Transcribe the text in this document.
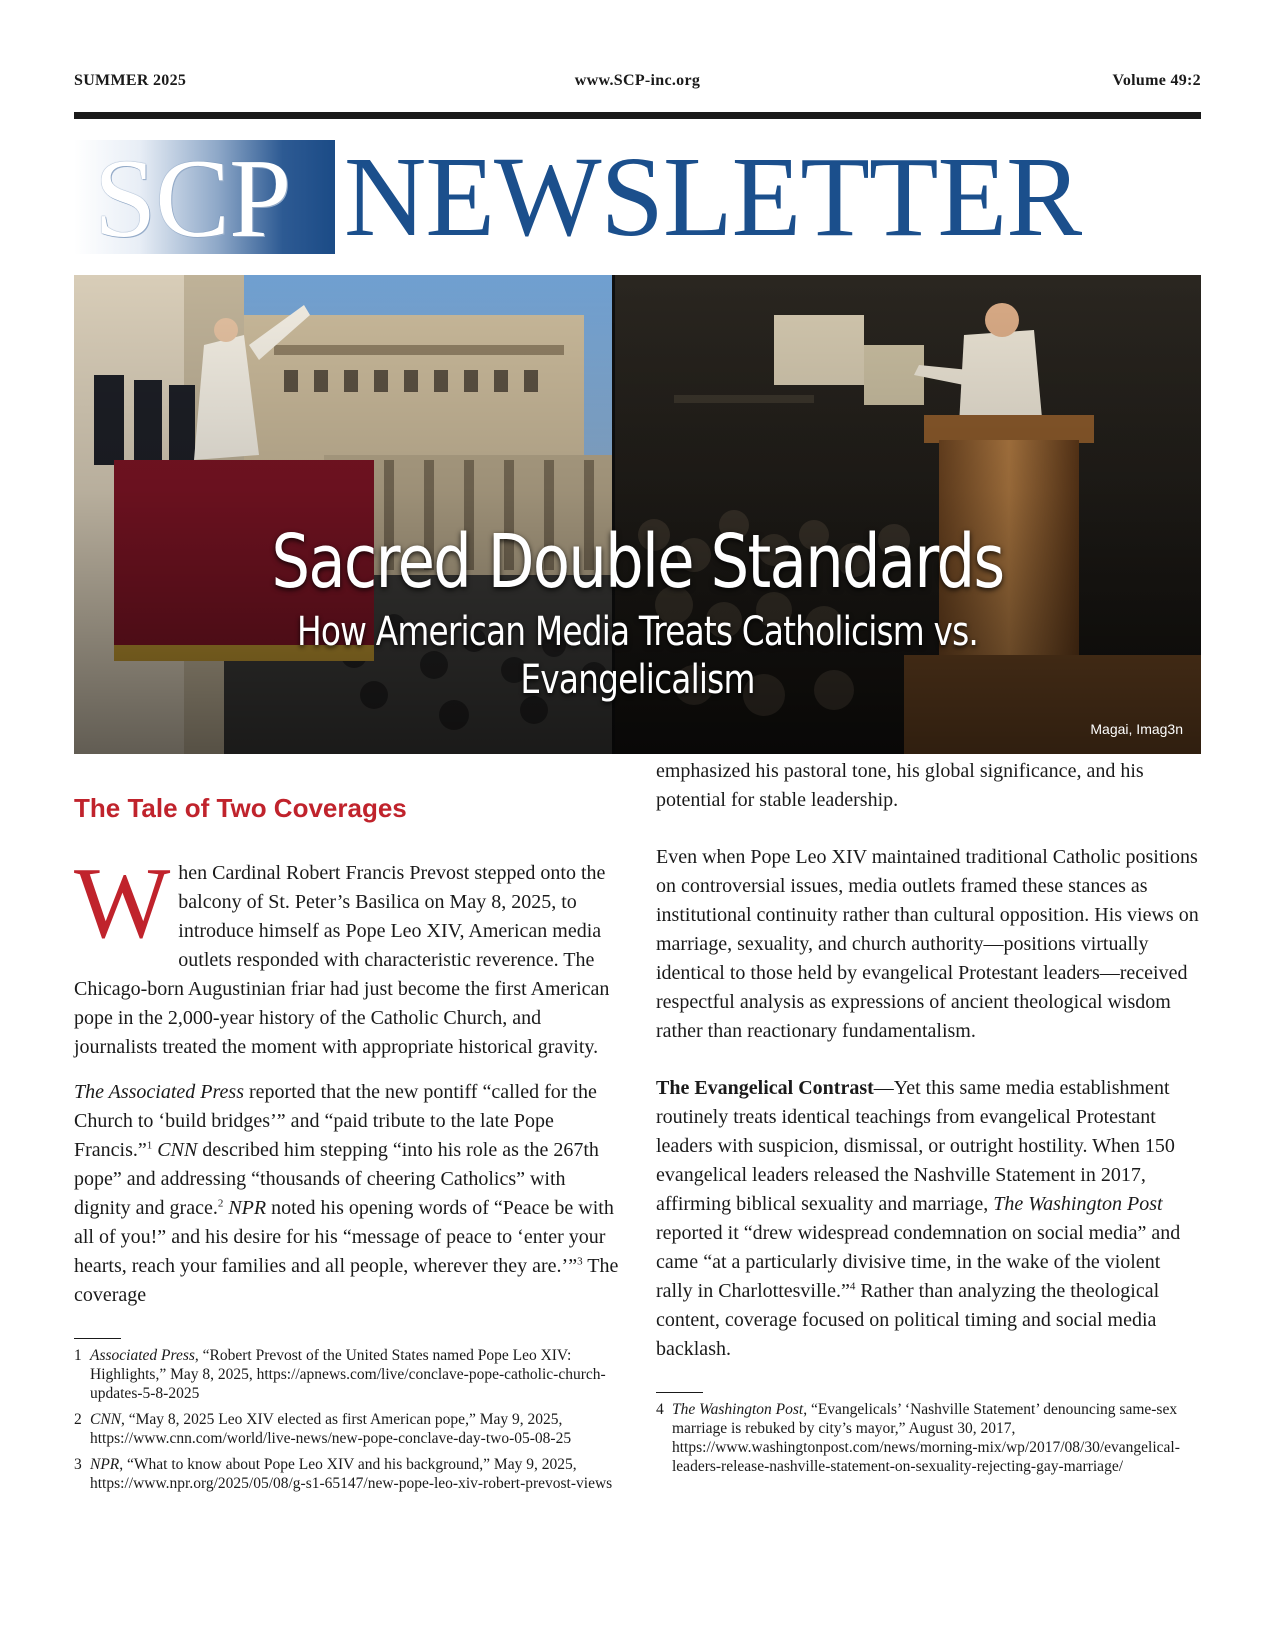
SUMMER 2025	www.SCP-inc.org	Volume 49:2
SCP NEWSLETTER
Sacred Double Standards
How American Media Treats Catholicism vs. Evangelicalism
Magai, Imag3n
The Tale of Two Coverages

When Cardinal Robert Francis Prevost stepped onto the balcony of St. Peter’s Basilica on May 8, 2025, to introduce himself as Pope Leo XIV, American media outlets responded with characteristic reverence. The Chicago-born Augustinian friar had just become the first American pope in the 2,000-year history of the Catholic Church, and journalists treated the moment with appropriate historical gravity.

The Associated Press reported that the new pontiff “called for the Church to ‘build bridges’” and “paid tribute to the late Pope Francis.”$^1$ CNN described him stepping “into his role as the 267th pope” and addressing “thousands of cheering Catholics” with dignity and grace.$^2$ NPR noted his opening words of “Peace be with all of you!” and his desire for his “message of peace to ‘enter your hearts, reach your families and all people, wherever they are.’”$^3$ The coverage

1 Associated Press, “Robert Prevost of the United States named Pope Leo XIV: Highlights,” May 8, 2025, https://apnews.com/live/conclave-pope-catholic-church-updates-5-8-2025

2 CNN, “May 8, 2025 Leo XIV elected as first American pope,” May 9, 2025, https://www.cnn.com/world/live-news/new-pope-conclave-day-two-05-08-25

3 NPR, “What to know about Pope Leo XIV and his background,” May 9, 2025, https://www.npr.org/2025/05/08/g-s1-65147/new-pope-leo-xiv-robert-prevost-views

emphasized his pastoral tone, his global significance, and his potential for stable leadership.

Even when Pope Leo XIV maintained traditional Catholic positions on controversial issues, media outlets framed these stances as institutional continuity rather than cultural opposition. His views on marriage, sexuality, and church authority—positions virtually identical to those held by evangelical Protestant leaders—received respectful analysis as expressions of ancient theological wisdom rather than reactionary fundamentalism.

The Evangelical Contrast—Yet this same media establishment routinely treats identical teachings from evangelical Protestant leaders with suspicion, dismissal, or outright hostility. When 150 evangelical leaders released the Nashville Statement in 2017, affirming biblical sexuality and marriage, The Washington Post reported it “drew widespread condemnation on social media” and came “at a particularly divisive time, in the wake of the violent rally in Charlottesville.”$^4$ Rather than analyzing the theological content, coverage focused on political timing and social media backlash.

4 The Washington Post, “Evangelicals’ ‘Nashville Statement’ denouncing same-sex marriage is rebuked by city’s mayor,” August 30, 2017, https://www.washingtonpost.com/news/morning-mix/wp/2017/08/30/evangelical-leaders-release-nashville-statement-on-sexuality-rejecting-gay-marriage/
